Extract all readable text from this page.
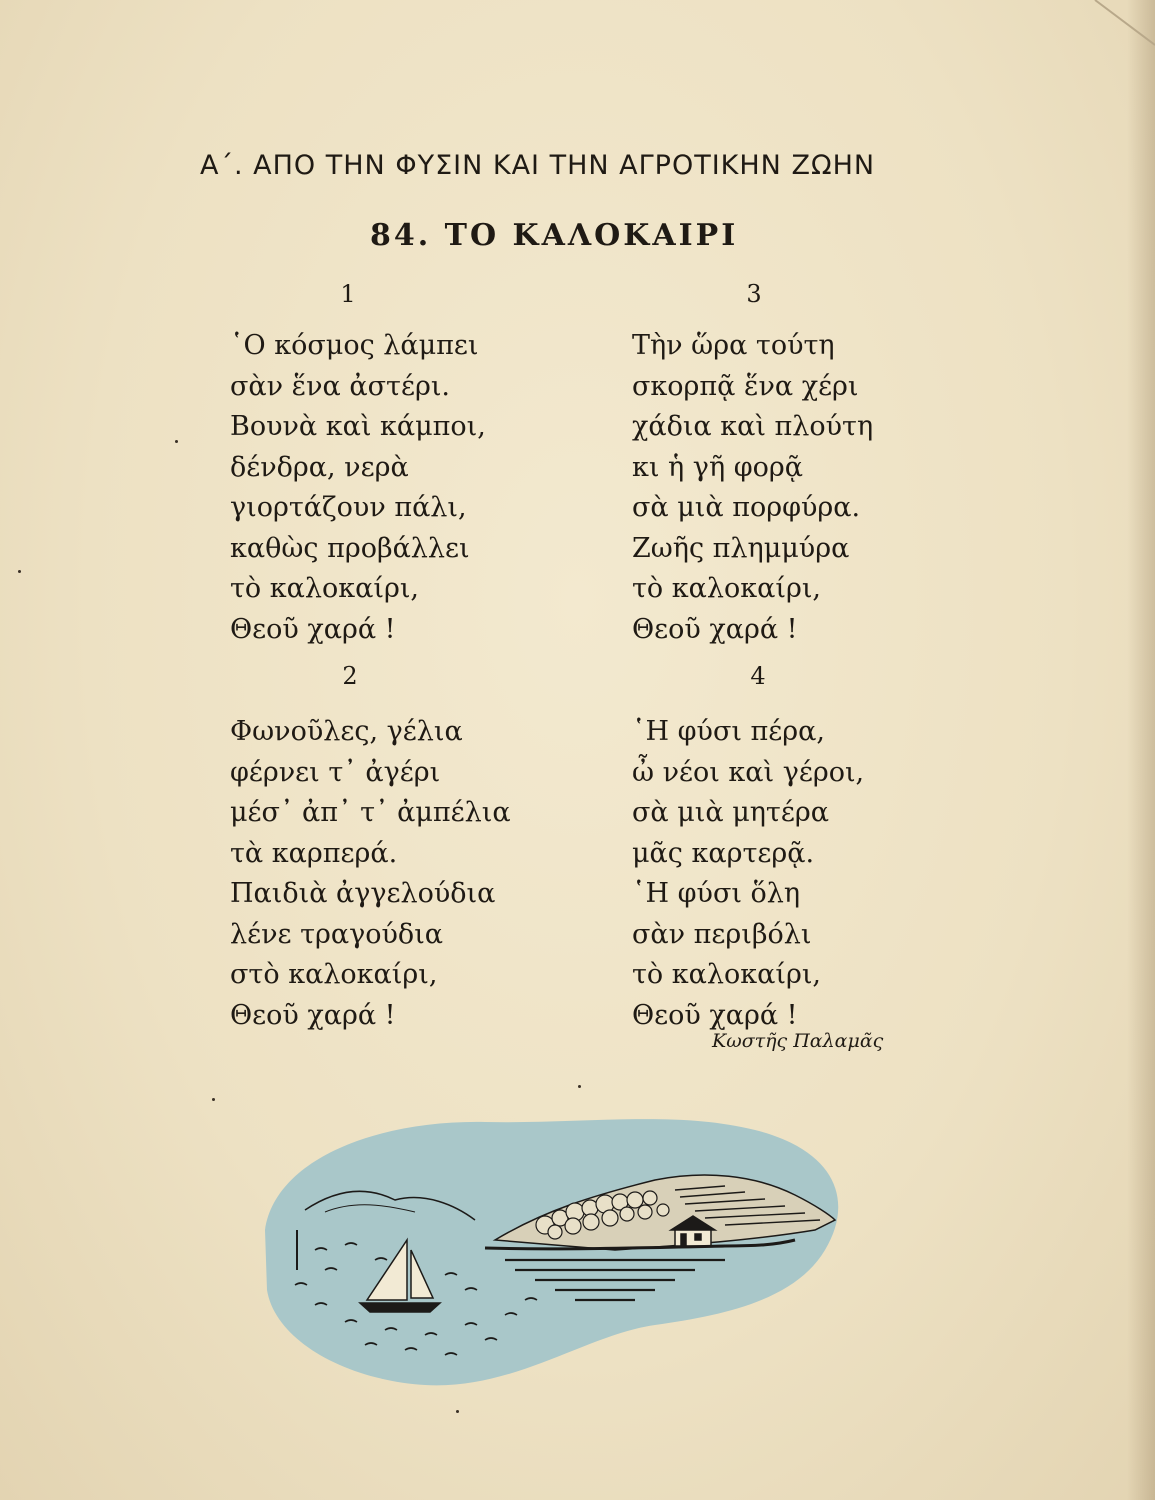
Α΄. ΑΠΟ ΤΗΝ ΦΥΣΙΝ ΚΑΙ ΤΗΝ ΑΓΡΟΤΙΚΗΝ ΖΩΗΝ
84. ΤΟ ΚΑΛΟΚΑΙΡΙ
1
῾Ο κόσμος λάμπει
σὰν ἕνα ἀστέρι.
Βουνὰ καὶ κάμποι,
δένδρα, νερὰ
γιορτάζουν πάλι,
καθὼς προβάλλει
τὸ καλοκαίρι,
Θεοῦ χαρά !
2
Φωνοῦλες, γέλια
φέρνει τ᾿ ἀγέρι
μέσ᾿ ἀπ᾿ τ᾿ ἀμπέλια
τὰ καρπερά.
Παιδιὰ ἀγγελούδια
λένε τραγούδια
στὸ καλοκαίρι,
Θεοῦ χαρά !
3
Τὴν ὥρα τούτη
σκορπᾷ ἕνα χέρι
χάδια καὶ πλούτη
κι ἡ γῆ φορᾷ
σὰ μιὰ πορφύρα.
Ζωῆς πλημμύρα
τὸ καλοκαίρι,
Θεοῦ χαρά !
4
῾Η φύσι πέρα,
ὦ νέοι καὶ γέροι,
σὰ μιὰ μητέρα
μᾶς καρτερᾷ.
῾Η φύσι ὅλη
σὰν περιβόλι
τὸ καλοκαίρι,
Θεοῦ χαρά !
Κωστῆς Παλαμᾶς
